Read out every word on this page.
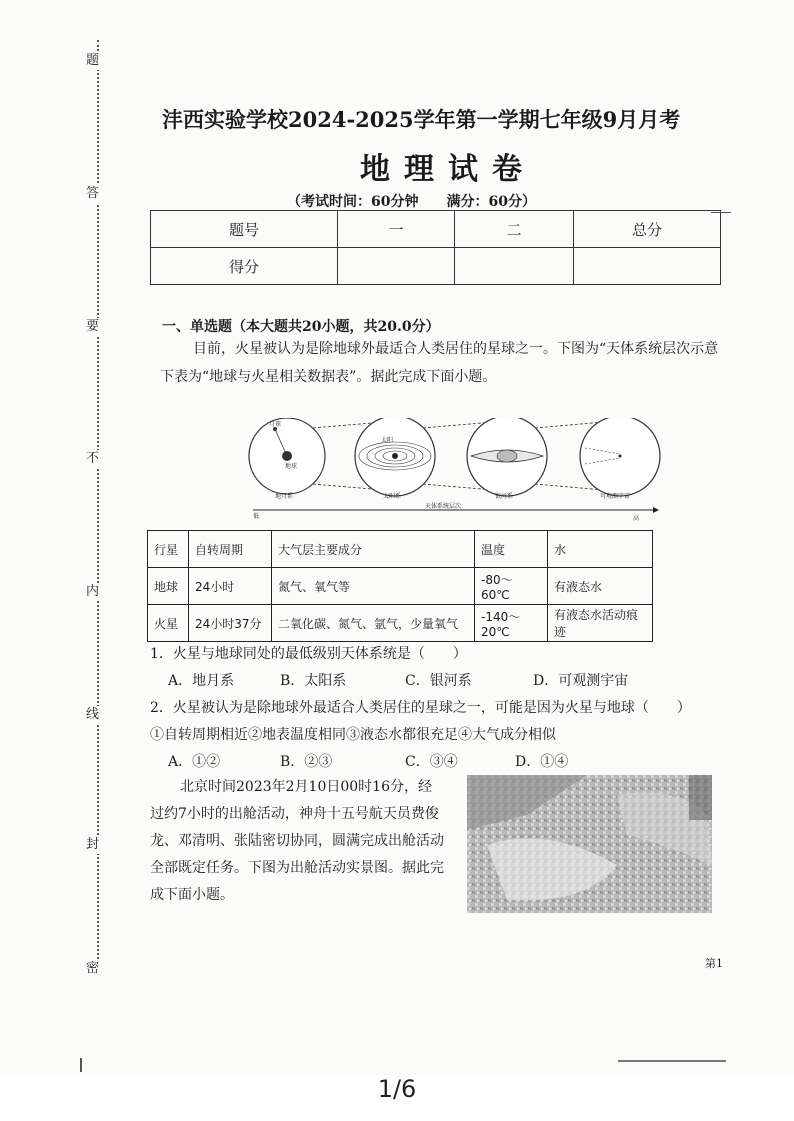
题
答
要
不
内
线
封
密
沣西实验学校2024-2025学年第一学期七年级9月月考
地理试卷
（考试时间：60分钟　　满分：60分）
题号	一	二	总分
得分			
一、单选题（本大题共20小题，共20.0分）
目前，火星被认为是除地球外最适合人类居住的星球之一。下图为“天体系统层次示意
下表为“地球与火星相关数据表”。据此完成下面小题。
月球
地球
地月系
太阳
太阳系	银河系	可观测宇宙
低
天体系统层次
高
行星	自转周期	大气层主要成分	温度	水
地球	24小时	氮气、氧气等	-80～60℃	有液态水
火星	24小时37分	二氧化碳、氮气、氩气，少量氧气	-140～20℃	有液态水活动痕迹
1．火星与地球同处的最低级别天体系统是（　　）
A．地月系	B．太阳系	C．银河系	D．可观测宇宙
2．火星被认为是除地球外最适合人类居住的星球之一，可能是因为火星与地球（　　）
①自转周期相近②地表温度相同③液态水都很充足④大气成分相似
A．①②	B．②③	C．③④	D．①④
北京时间2023年2月10日00时16分，经
过约7小时的出舱活动，神舟十五号航天员费俊
龙、邓清明、张陆密切协同，圆满完成出舱活动
全部既定任务。下图为出舱活动实景图。据此完
成下面小题。
第1
1/6
